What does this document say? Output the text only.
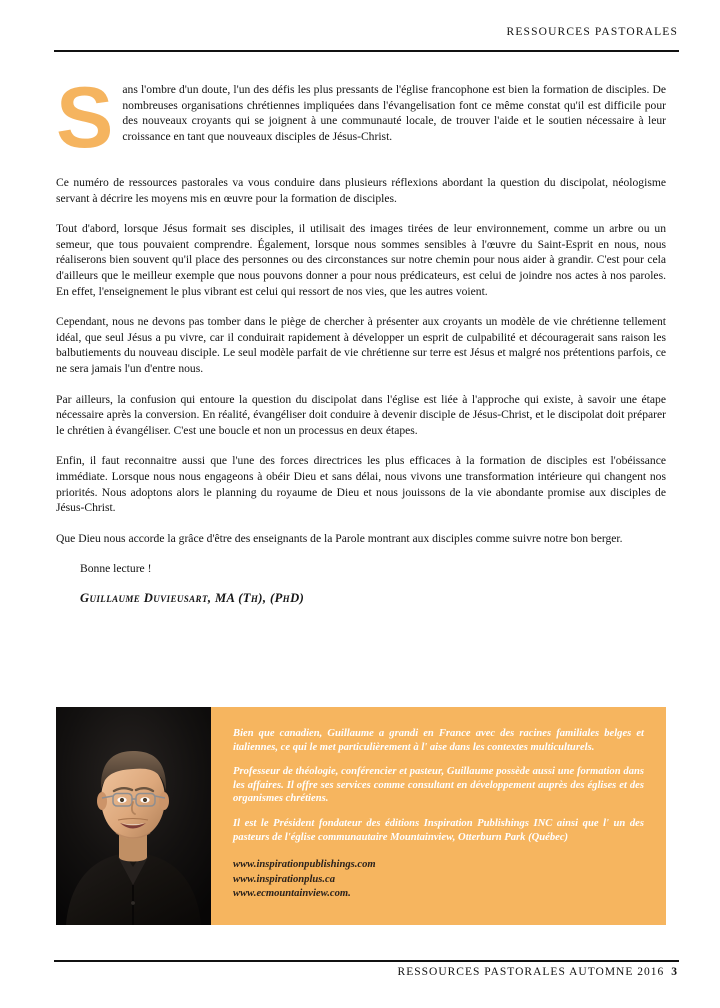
RESSOURCES PASTORALES

Sans l'ombre d'un doute, l'un des défis les plus pressants de l'église francophone est bien la formation de disciples. De nombreuses organisations chrétiennes impliquées dans l'évangelisation font ce même constat qu'il est difficile pour des nouveaux croyants qui se joignent à une communauté locale, de trouver l'aide et le soutien nécessaire à leur croissance en tant que nouveaux disciples de Jésus-Christ.

Ce numéro de ressources pastorales va vous conduire dans plusieurs réflexions abordant la question du discipolat, néologisme servant à décrire les moyens mis en œuvre pour la formation de disciples.

Tout d'abord, lorsque Jésus formait ses disciples, il utilisait des images tirées de leur environnement, comme un arbre ou un semeur, que tous pouvaient comprendre. Également, lorsque nous sommes sensibles à l'œuvre du Saint-Esprit en nous, nous réaliserons bien souvent qu'il place des personnes ou des circonstances sur notre chemin pour nous aider à grandir. C'est pour cela d'ailleurs que le meilleur exemple que nous pouvons donner a pour nous prédicateurs, est celui de joindre nos actes à nos paroles. En effet, l'enseignement le plus vibrant est celui qui ressort de nos vies, que les autres voient.

Cependant, nous ne devons pas tomber dans le piège de chercher à présenter aux croyants un modèle de vie chrétienne tellement idéal, que seul Jésus a pu vivre, car il conduirait rapidement à développer un esprit de culpabilité et découragerait sans raison les balbutiements du nouveau disciple. Le seul modèle parfait de vie chrétienne sur terre est Jésus et malgré nos prétentions parfois, ce ne sera jamais l'un d'entre nous.

Par ailleurs, la confusion qui entoure la question du discipolat dans l'église est liée à l'approche qui existe, à savoir une étape nécessaire après la conversion. En réalité, évangéliser doit conduire à devenir disciple de Jésus-Christ, et le discipolat doit préparer le chrétien à évangéliser. C'est une boucle et non un processus en deux étapes.

Enfin, il faut reconnaitre aussi que l'une des forces directrices les plus efficaces à la formation de disciples est l'obéissance immédiate. Lorsque nous nous engageons à obéir Dieu et sans délai, nous vivons une transformation intérieure qui changent nos priorités. Nous adoptons alors le planning du royaume de Dieu et nous jouissons de la vie abondante promise aux disciples de Jésus-Christ.

Que Dieu nous accorde la grâce d'être des enseignants de la Parole montrant aux disciples comme suivre notre bon berger.

Bonne lecture !

Guillaume Duvieusart, MA (Th), (PhD)

Bien que canadien, Guillaume a grandi en France avec des racines familiales belges et italiennes, ce qui le met particulièrement à l' aise dans les contextes multiculturels.

Professeur de théologie, conférencier et pasteur, Guillaume possède aussi une formation dans les affaires. Il offre ses services comme consultant en développement auprès des églises et des organismes chrétiens.

Il est le Président fondateur des éditions Inspiration Publishings INC ainsi que l' un des pasteurs de l'église communautaire Mountainview, Otterburn Park (Québec)

www.inspirationpublishings.com
www.inspirationplus.ca
www.ecmountainview.com.
RESSOURCES PASTORALES AUTOMNE 2016 3
